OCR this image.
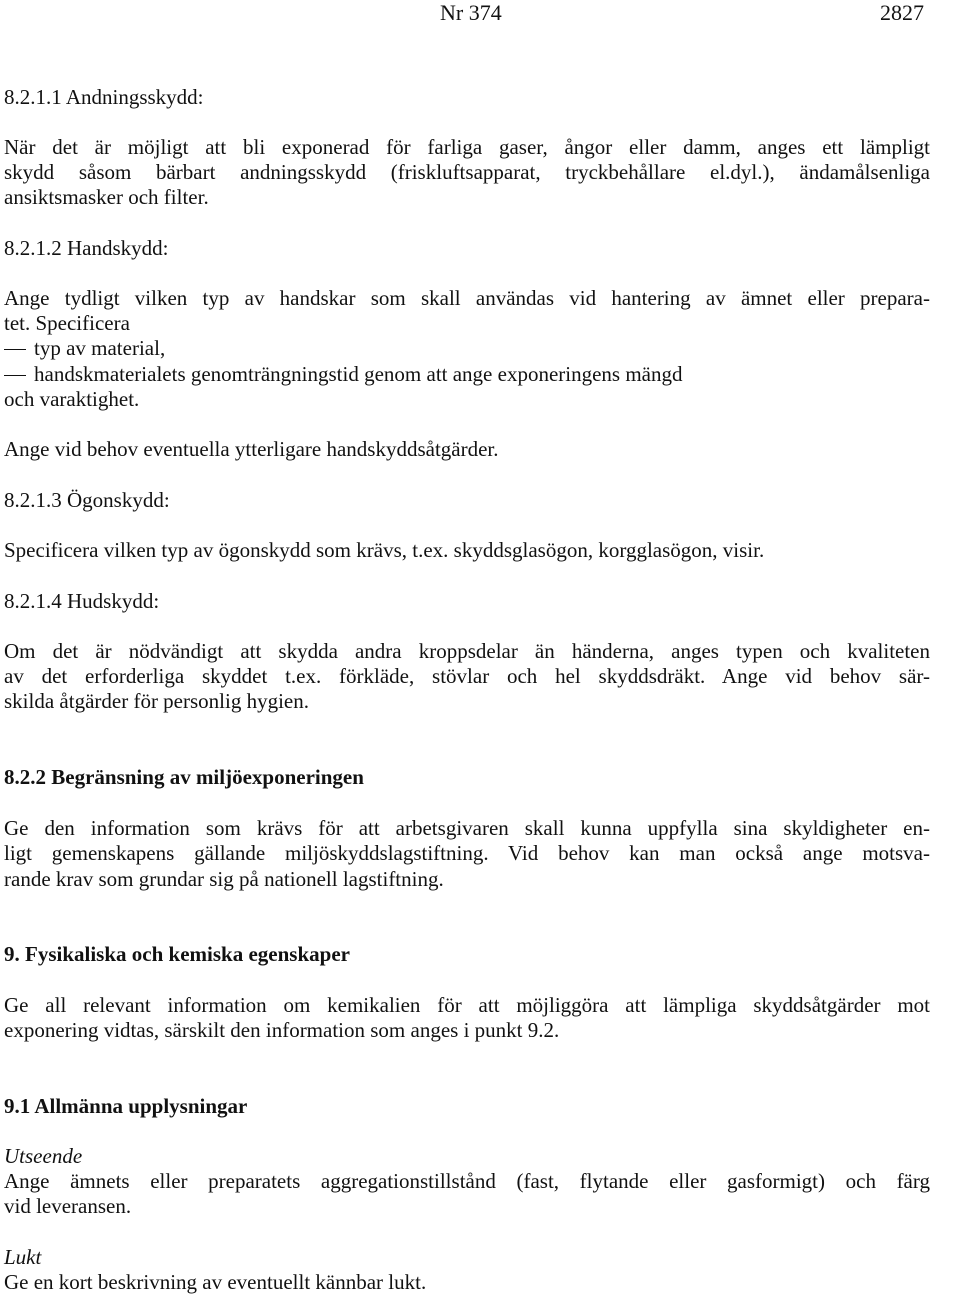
Nr 374	2827
8.2.1.1 Andningsskydd:
När det är möjligt att bli exponerad för farliga gaser, ångor eller damm, anges ett lämpligt
skydd såsom bärbart andningsskydd (friskluftsapparat, tryckbehållare el.dyl.), ändamålsenliga
ansiktsmasker och filter.
8.2.1.2 Handskydd:
Ange tydligt vilken typ av handskar som skall användas vid hantering av ämnet eller prepara-
tet. Specificera
typ av material,
handskmaterialets genomträngningstid genom att ange exponeringens mängd
och varaktighet.
Ange vid behov eventuella ytterligare handskyddsåtgärder.
8.2.1.3 Ögonskydd:
Specificera vilken typ av ögonskydd som krävs, t.ex. skyddsglasögon, korgglasögon, visir.
8.2.1.4 Hudskydd:
Om det är nödvändigt att skydda andra kroppsdelar än händerna, anges typen och kvaliteten
av det erforderliga skyddet t.ex. förkläde, stövlar och hel skyddsdräkt. Ange vid behov sär-
skilda åtgärder för personlig hygien.
8.2.2 Begränsning av miljöexponeringen
Ge den information som krävs för att arbetsgivaren skall kunna uppfylla sina skyldigheter en-
ligt gemenskapens gällande miljöskyddslagstiftning. Vid behov kan man också ange motsva-
rande krav som grundar sig på nationell lagstiftning.
9. Fysikaliska och kemiska egenskaper
Ge all relevant information om kemikalien för att möjliggöra att lämpliga skyddsåtgärder mot
exponering vidtas, särskilt den information som anges i punkt 9.2.
9.1 Allmänna upplysningar
Utseende
Ange ämnets eller preparatets aggregationstillstånd (fast, flytande eller gasformigt) och färg
vid leveransen.
Lukt
Ge en kort beskrivning av eventuellt kännbar lukt.
